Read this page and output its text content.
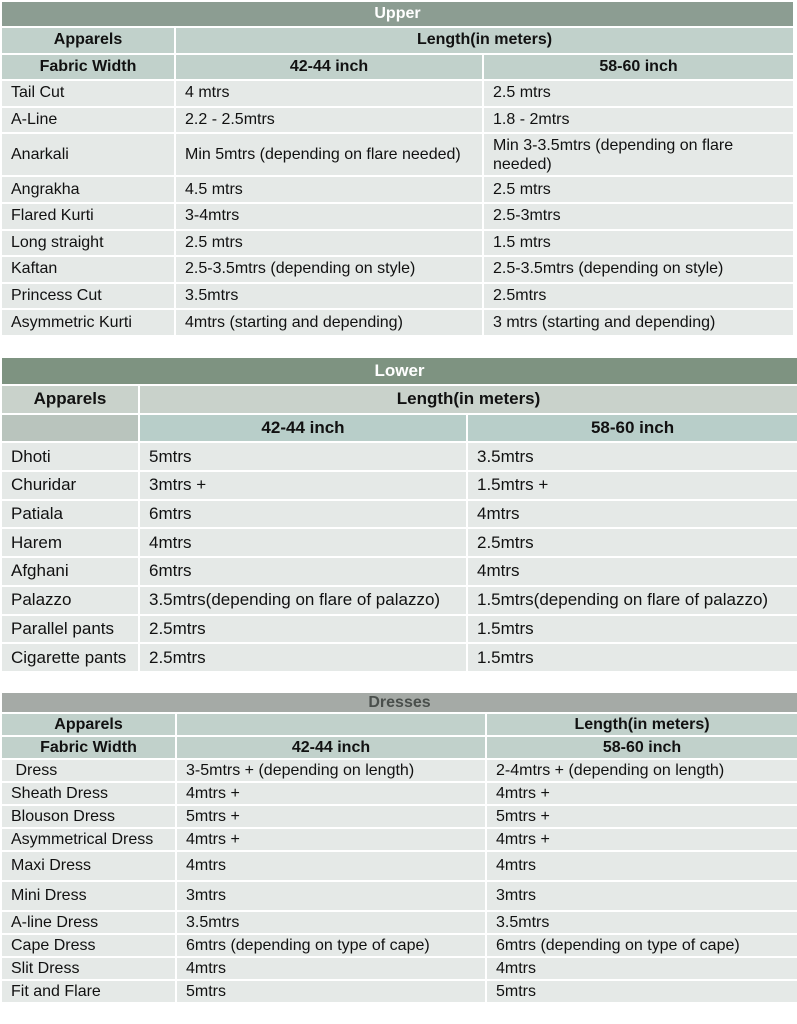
Upper		
Apparels	Length(in meters)	
Fabric Width	42-44 inch	58-60 inch
Tail Cut	4 mtrs	2.5 mtrs
A-Line	2.2 - 2.5mtrs	1.8 - 2mtrs
Anarkali	Min 5mtrs (depending on flare needed)	Min 3-3.5mtrs (depending on flare needed)
Angrakha	4.5 mtrs	2.5 mtrs
Flared Kurti	3-4mtrs	2.5-3mtrs
Long straight	2.5 mtrs	1.5 mtrs
Kaftan	2.5-3.5mtrs (depending on style)	2.5-3.5mtrs (depending on style)
Princess Cut	3.5mtrs	2.5mtrs
Asymmetric Kurti	4mtrs (starting and depending)	3 mtrs (starting and depending)
Lower		
Apparels	Length(in meters)	
	42-44 inch	58-60 inch
Dhoti	5mtrs	3.5mtrs
Churidar	3mtrs +	1.5mtrs +
Patiala	6mtrs	4mtrs
Harem	4mtrs	2.5mtrs
Afghani	6mtrs	4mtrs
Palazzo	3.5mtrs(depending on flare of palazzo)	1.5mtrs(depending on flare of palazzo)
Parallel pants	2.5mtrs	1.5mtrs
Cigarette pants	2.5mtrs	1.5mtrs
Dresses		
Apparels		Length(in meters)
Fabric Width	42-44 inch	58-60 inch
Dress	3-5mtrs + (depending on length)	2-4mtrs + (depending on length)
Sheath Dress	4mtrs +	4mtrs +
Blouson Dress	5mtrs +	5mtrs +
Asymmetrical Dress	4mtrs +	4mtrs +
Maxi Dress	4mtrs	4mtrs
Mini Dress	3mtrs	3mtrs
A-line Dress	3.5mtrs	3.5mtrs
Cape Dress	6mtrs (depending on type of cape)	6mtrs (depending on type of cape)
Slit Dress	4mtrs	4mtrs
Fit and Flare	5mtrs	5mtrs
